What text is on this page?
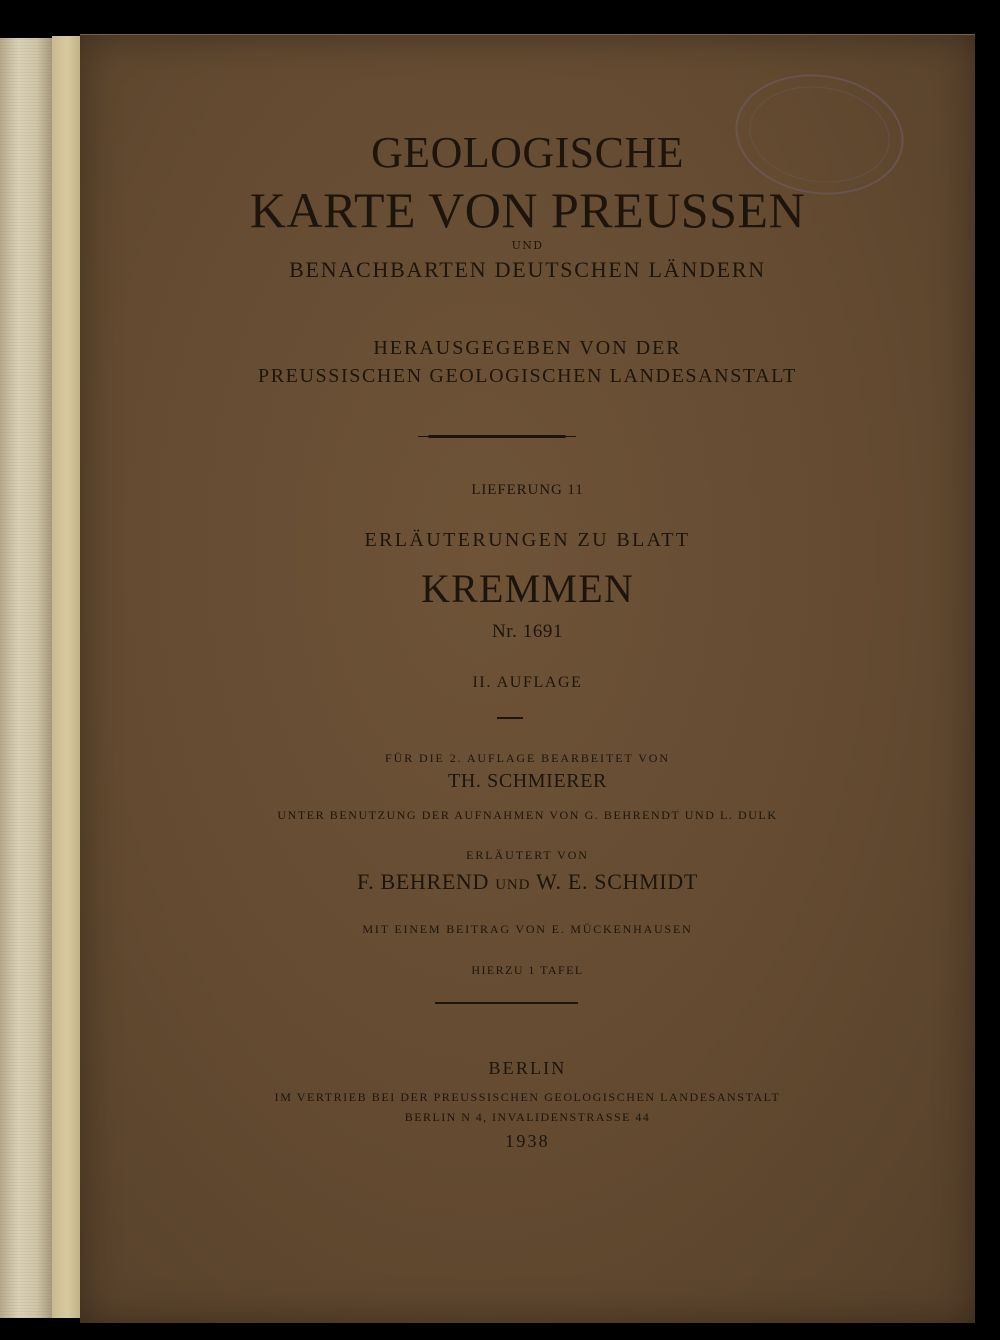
GEOLOGISCHE
KARTE VON PREUSSEN
UND
BENACHBARTEN DEUTSCHEN LÄNDERN
HERAUSGEGEBEN VON DER
PREUSSISCHEN GEOLOGISCHEN LANDESANSTALT
LIEFERUNG 11
ERLÄUTERUNGEN ZU BLATT
KREMMEN
Nr. 1691
II. AUFLAGE
FÜR DIE 2. AUFLAGE BEARBEITET VON
TH. SCHMIERER
UNTER BENUTZUNG DER AUFNAHMEN VON G. BEHRENDT UND L. DULK
ERLÄUTERT VON
F. BEHREND UND W. E. SCHMIDT
MIT EINEM BEITRAG VON E. MÜCKENHAUSEN
HIERZU 1 TAFEL
BERLIN
IM VERTRIEB BEI DER PREUSSISCHEN GEOLOGISCHEN LANDESANSTALT
BERLIN N 4, INVALIDENSTRASSE 44
1938
